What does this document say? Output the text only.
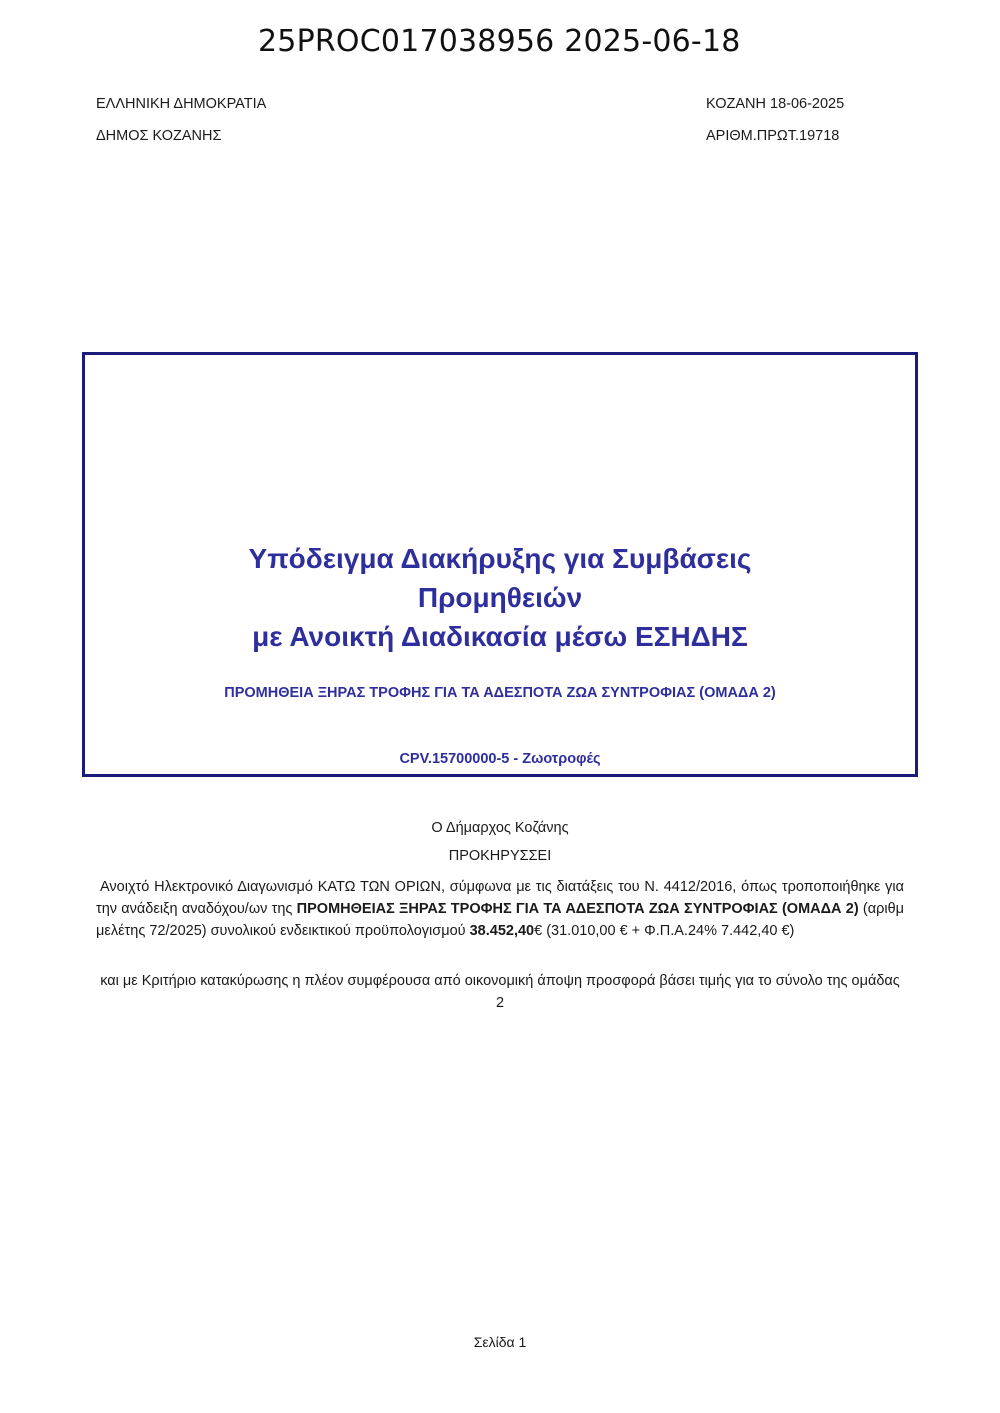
25PROC017038956 2025-06-18
ΕΛΛΗΝΙΚΗ ΔΗΜΟΚΡΑΤΙΑ
ΔΗΜΟΣ ΚΟΖΑΝΗΣ
ΚΟΖΑΝΗ 18-06-2025
ΑΡΙΘΜ.ΠΡΩΤ.19718
Υπόδειγμα Διακήρυξης για Συμβάσεις
Προμηθειών
με Ανοικτή Διαδικασία μέσω ΕΣΗΔΗΣ
ΠΡΟΜΗΘΕΙΑ ΞΗΡΑΣ ΤΡΟΦΗΣ ΓΙΑ ΤΑ ΑΔΕΣΠΟΤΑ ΖΩΑ ΣΥΝΤΡΟΦΙΑΣ (ΟΜΑΔΑ 2)
CPV.15700000-5 - Ζωοτροφές
Ο Δήμαρχος Κοζάνης
ΠΡΟΚΗΡΥΣΣΕΙ
Ανοιχτό Ηλεκτρονικό Διαγωνισμό ΚΑΤΩ ΤΩΝ ΟΡΙΩΝ, σύμφωνα με τις διατάξεις του Ν. 4412/2016, όπως τροποποιήθηκε για την ανάδειξη αναδόχου/ων της ΠΡΟΜΗΘΕΙΑΣ ΞΗΡΑΣ ΤΡΟΦΗΣ ΓΙΑ ΤΑ ΑΔΕΣΠΟΤΑ ΖΩΑ ΣΥΝΤΡΟΦΙΑΣ (ΟΜΑΔΑ 2) (αριθμ μελέτης 72/2025) συνολικού ενδεικτικού προϋπολογισμού 38.452,40€ (31.010,00 € + Φ.Π.Α.24% 7.442,40 €)
και με Κριτήριο κατακύρωσης η πλέον συμφέρουσα από οικονομική άποψη προσφορά βάσει τιμής για το σύνολο της ομάδας 2
Σελίδα 1
